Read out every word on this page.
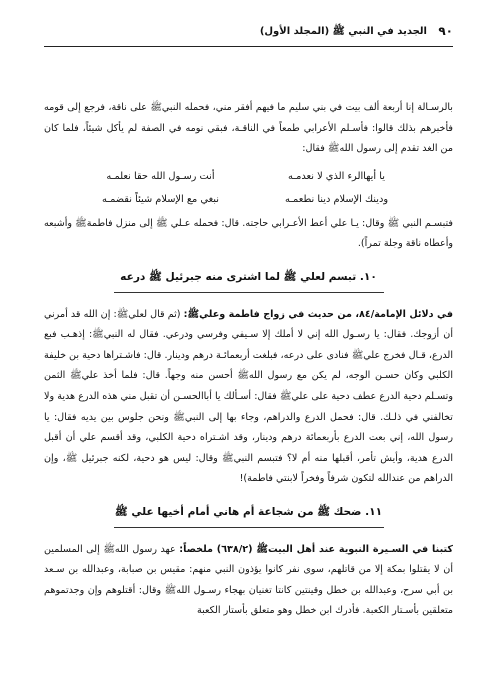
٩٠
الجديد في النبي ﷺ (المجلد الأول)

بالرسـالة إنا أربعة ألف بيت في بني سليم ما فيهم أفقر مني، فحمله النبيﷺ على ناقة، فرجع إلى قومه فأخبرهم بذلك قالوا: فأسـلم الأعرابي طمعاً في الناقـة، فبقي نومه في الصفة لم يأكل شيئاً، فلما كان من الغد تقدم إلى رسول اللهﷺ فقال:

يا أيهاالرء الذي لا نعدمـه
أنت رسـول الله حقا نعلمـه
ودينك الإسلام دينا نطعمـه
نبغي مع الإسلام شيئاً نقضمـه

فتبسـم النبي ﷺ وقال: يـا علي أعط الأعـرابي حاجته. قال: فحمله عـلي ﷺ إلى منزل فاطمةﷺ وأشبعه وأعطاه ناقة وجلة تمراً).

١٠. تبسم لعلي ﷺ لما اشترى منه جبرئيل ﷺ درعه

في دلائل الإمامة/٨٤، من حديث في زواج فاطمة وعليﷺ: (ثم قال لعليﷺ: إن الله قد أمرني أن أزوجك. فقال: يا رسـول الله إني لا أملك إلا سـيفي وفرسي ودرعي. فقال له النبيﷺ: إذهـب فبع الدرع، قـال فخرج عليﷺ فنادى على درعه، فبلغت أربعمائـة درهم ودينار. قال: فاشـتراها دحية بن خليفة الكلبي وكان حسـن الوجه، لم يكن مع رسول اللهﷺ أحسن منه وجهاً. قال: فلما أخذ عليﷺ الثمن وتسـلم دحية الدرع عطف دحية على عليﷺ فقال: أسـألك يا أباالحسـن أن تقبل مني هذه الدرع هدية ولا تخالفني في ذلـك. قال: فحمل الدرع والدراهم، وجاء بها إلى النبيﷺ ونحن جلوس بين يديه فقال: يا رسول الله، إني بعت الدرع بأربعمائة درهم ودينار، وقد اشـتراه دحية الكلبي، وقد أقسم علي أن أقبل الدرع هدية، وأيش تأمر، أقبلها منه أم لا؟ فتبسم النبيﷺ وقال: ليس هو دحية، لكنه جبرئيل ﷺ، وإن الدراهم من عندالله لتكون شرفاً وفخراً لابنتي فاطمة)!

١١. ضحك ﷺ من شجاعة أم هاني أمام أخيها علي ﷺ

كتبنا في السـيرة النبوية عند أهل البيتﷺ (٦٣٨/٢) ملخصاً: عهد رسول اللهﷺ إلى المسلمين أن لا يقتلوا بمكة إلا من قاتلهم، سوى نفر كانوا يؤذون النبي منهم: مقيس بن صبابة، وعبدالله بن سـعد بن أبي سرح، وعبدالله بن خطل وقينتين كانتا تغنيان بهجاء رسـول اللهﷺ وقال: أقتلوهم وإن وجدتموهم متعلقين بأسـتار الكعبة. فأدرك ابن خطل وهو متعلق بأستار الكعبة
